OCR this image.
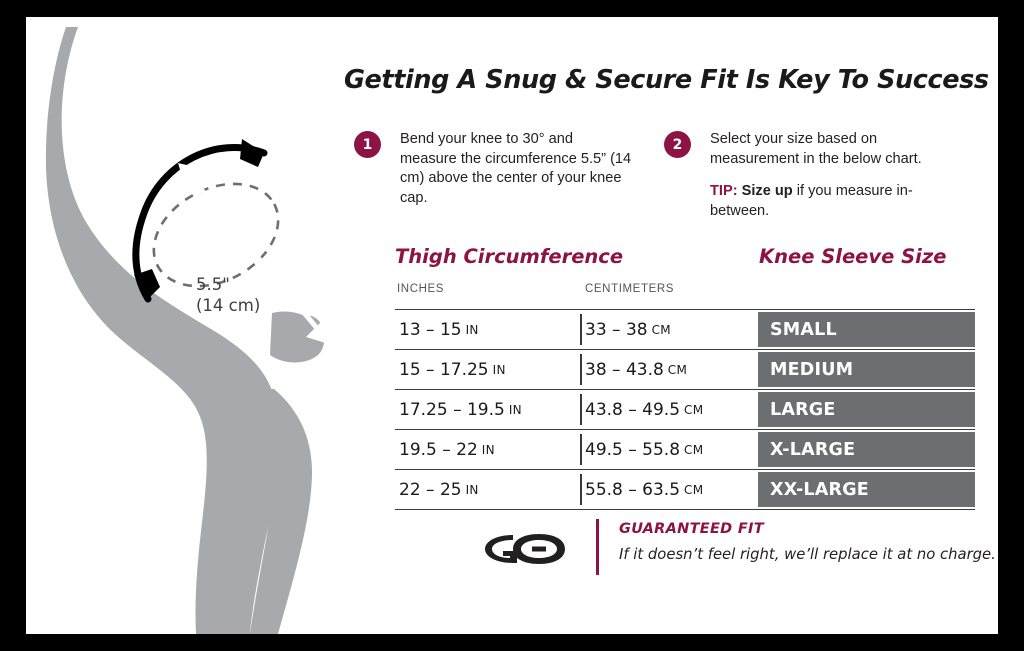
5.5"
(14 cm)
Getting A Snug & Secure Fit Is Key To Success
1	Bend your knee to 30° and measure the circumference 5.5” (14 cm) above the center of your knee cap.
2	Select your size based on measurement in the below chart.
TIP: Size up if you measure in-between.
Thigh Circumference	Knee Sleeve Size
INCHES	CENTIMETERS
13 – 15 IN	33 – 38 CM	SMALL
15 – 17.25 IN	38 – 43.8 CM	MEDIUM
17.25 – 19.5 IN	43.8 – 49.5 CM	LARGE
19.5 – 22 IN	49.5 – 55.8 CM	X-LARGE
22 – 25 IN	55.8 – 63.5 CM	XX-LARGE
GUARANTEED FIT
If it doesn’t feel right, we’ll replace it at no charge.
